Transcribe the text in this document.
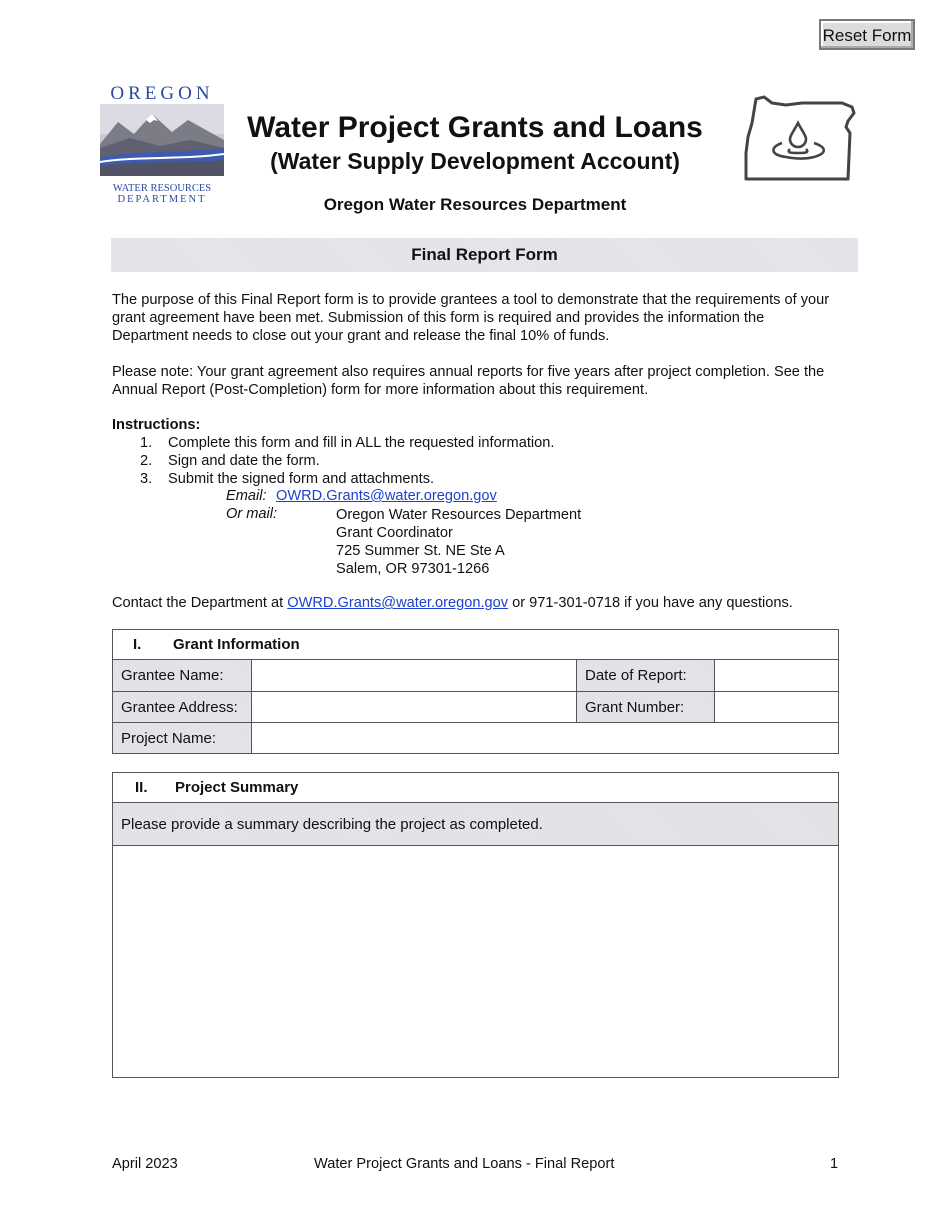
Reset Form
OREGON
WATER RESOURCES
DEPARTMENT
Water Project Grants and Loans
(Water Supply Development Account)
Oregon Water Resources Department
Final Report Form
The purpose of this Final Report form is to provide grantees a tool to demonstrate that the requirements of your grant agreement have been met. Submission of this form is required and provides the information the Department needs to close out your grant and release the final 10% of funds.
Please note: Your grant agreement also requires annual reports for five years after project completion. See the Annual Report (Post-Completion) form for more information about this requirement.
Instructions:
1. Complete this form and fill in ALL the requested information.
2. Sign and date the form.
3. Submit the signed form and attachments.
Email: OWRD.Grants@water.oregon.gov
Or mail:	Oregon Water Resources Department
Grant Coordinator
725 Summer St. NE Ste A
Salem, OR 97301-1266
Contact the Department at OWRD.Grants@water.oregon.gov or 971-301-0718 if you have any questions.
I. Grant Information			
Grantee Name:		Date of Report:	
Grantee Address:		Grant Number:	
Project Name:			
II. Project Summary
Please provide a summary describing the project as completed.

April 2023	Water Project Grants and Loans - Final Report	1
